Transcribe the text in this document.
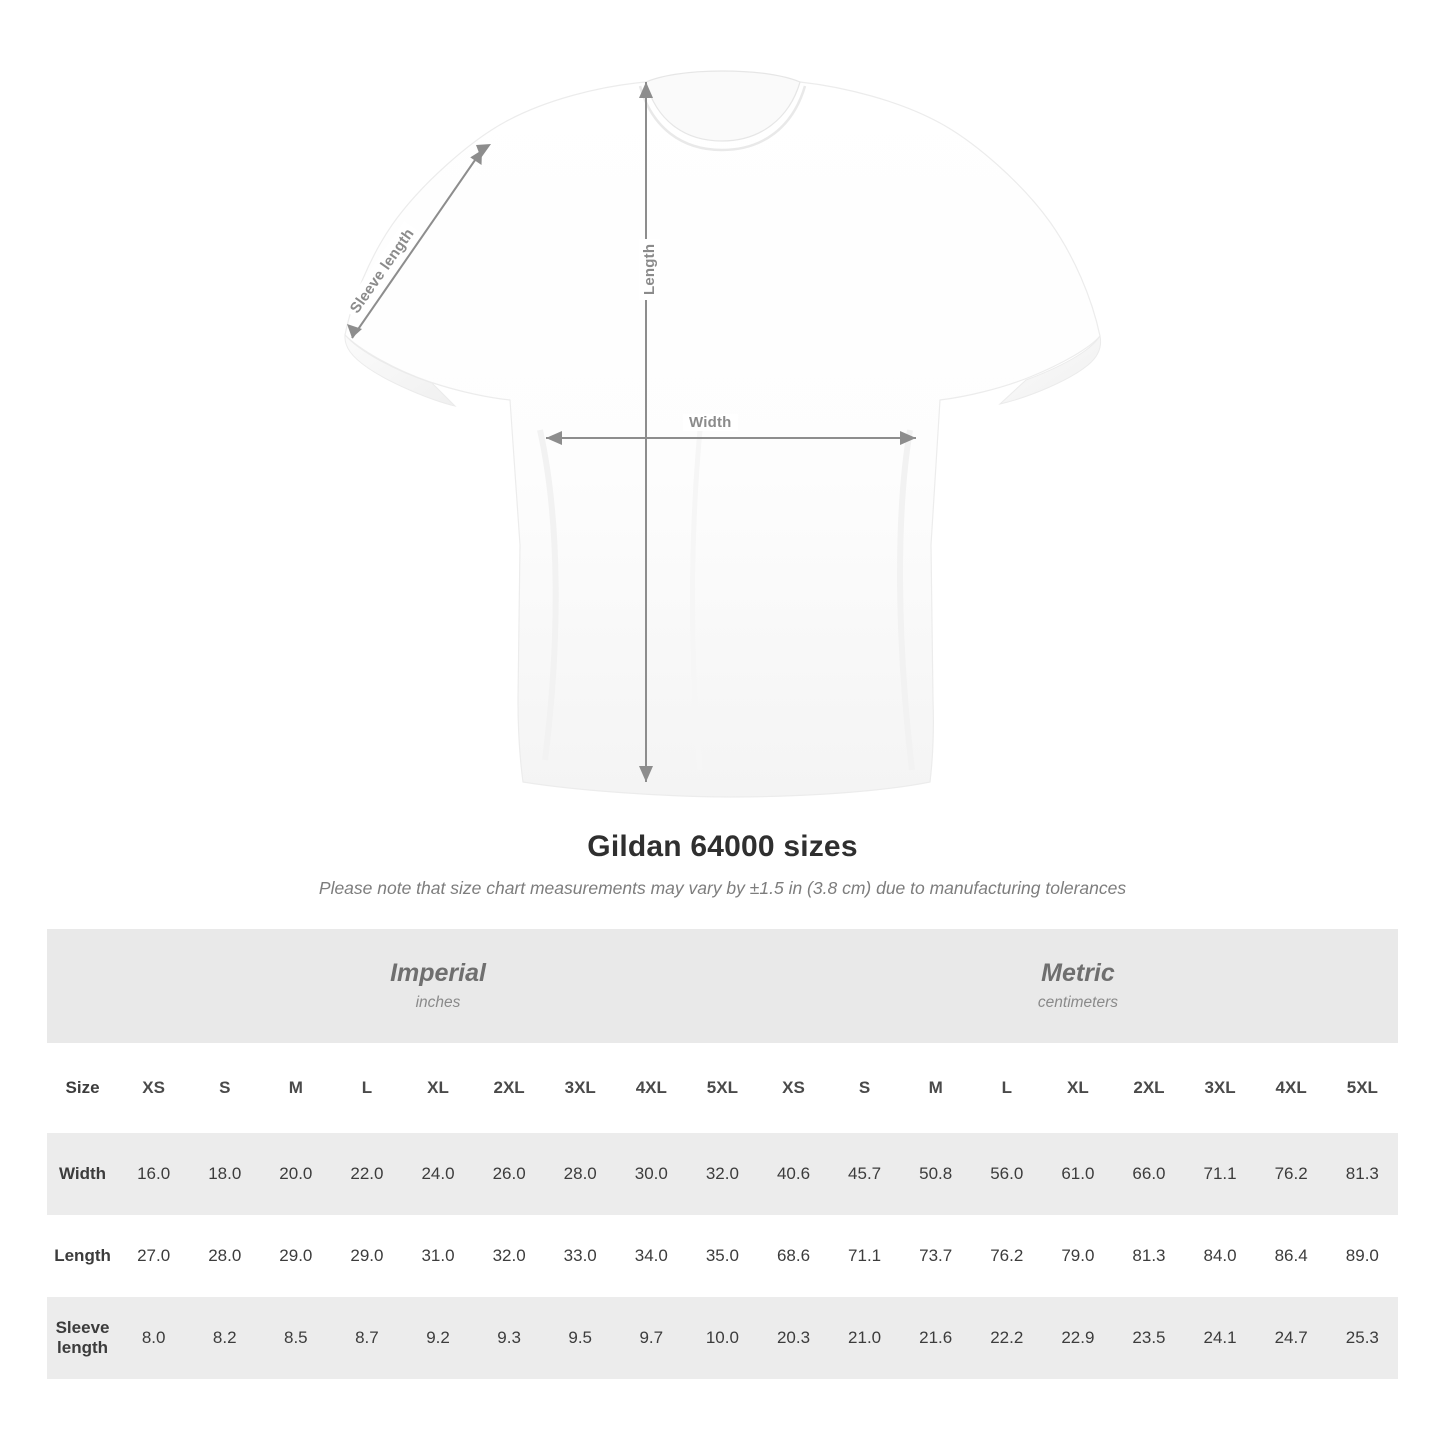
Sleeve length	Length
Width
Gildan 64000 sizes

Please note that size chart measurements may vary by ±1.5 in (3.8 cm) due to manufacturing tolerances

Imperial
inches

Metric
centimeters

Size	XS	S	M	L	XL	2XL	3XL	4XL	5XL	XS	S	M	L	XL	2XL	3XL	4XL	5XL
Width	16.0	18.0	20.0	22.0	24.0	26.0	28.0	30.0	32.0	40.6	45.7	50.8	56.0	61.0	66.0	71.1	76.2	81.3
Length	27.0	28.0	29.0	29.0	31.0	32.0	33.0	34.0	35.0	68.6	71.1	73.7	76.2	79.0	81.3	84.0	86.4	89.0
Sleeve length	8.0	8.2	8.5	8.7	9.2	9.3	9.5	9.7	10.0	20.3	21.0	21.6	22.2	22.9	23.5	24.1	24.7	25.3
